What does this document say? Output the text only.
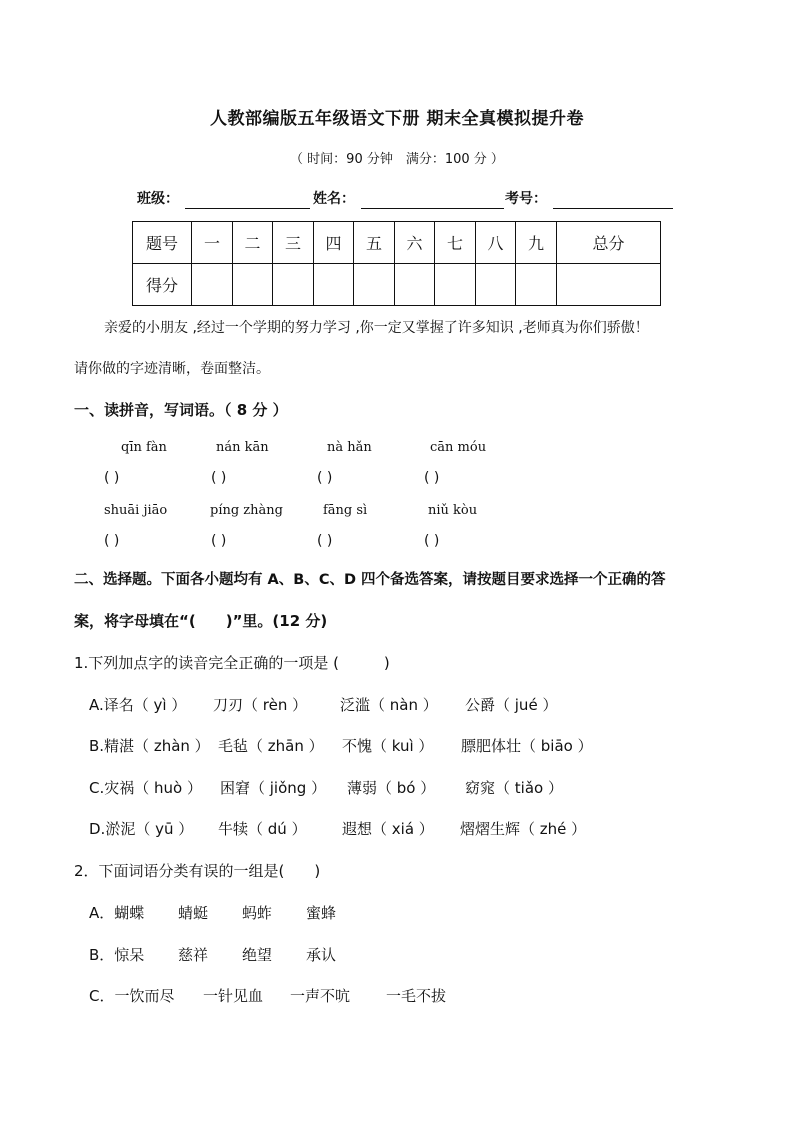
人教部编版五年级语文下册 期末全真模拟提升卷
（ 时间：90 分钟　满分：100 分 ）
班级：	姓名：	考号：
题号	一	二	三	四	五	六	七	八	九	总分
得分										
亲爱的小朋友 ,经过一个学期的努力学习 ,你一定又掌握了许多知识 ,老师真为你们骄傲！
请你做的字迹清晰，卷面整洁。
一、读拼音，写词语。（ 8 分 ）
qīn fàn	nán kān	nà hǎn	cān móu
( )	( )	( )	( )
shuāi jiāo	píng zhàng	fāng sì	niǔ kòu
( )	( )	( )	( )
二、选择题。下面各小题均有 A、B、C、D 四个备选答案，请按题目要求选择一个正确的答
案，将字母填在“(　　)”里。(12 分)
1.下列加点字的读音完全正确的一项是 (　　　)
A.译名（ yì ） 刀刃（ rèn ） 泛滥（ nàn ） 公爵（ jué ）
B.精湛（ zhàn ） 毛毡（ zhān ） 不愧（ kuì ） 膘肥体壮（ biāo ）
C.灾祸（ huò ） 困窘（ jiǒng ） 薄弱（ bó ） 窈窕（ tiǎo ）
D.淤泥（ yū ） 牛犊（ dú ） 遐想（ xiá ） 熠熠生辉（ zhé ）
2．下面词语分类有误的一组是(　　)
A．蝴蝶 蜻蜓 蚂蚱 蜜蜂
B．惊呆 慈祥 绝望 承认
C．一饮而尽 一针见血 一声不吭 一毛不拔
